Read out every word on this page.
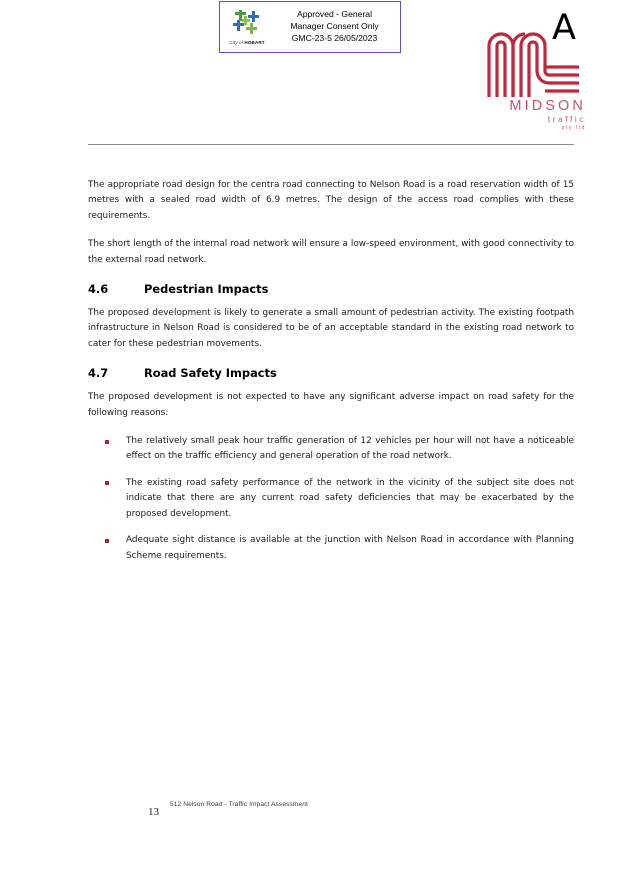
City of HOBART
Approved - General
Manager Consent Only
GMC-23-5 26/05/2023	A
MIDSON
traffic
pty ltd

The appropriate road design for the centra road connecting to Nelson Road is a road reservation width of 15 metres with a sealed road width of 6.9 metres. The design of the access road complies with these requirements.

The short length of the internal road network will ensure a low-speed environment, with good connectivity to the external road network.

4.6	Pedestrian Impacts

The proposed development is likely to generate a small amount of pedestrian activity. The existing footpath infrastructure in Nelson Road is considered to be of an acceptable standard in the existing road network to cater for these pedestrian movements.

4.7	Road Safety Impacts

The proposed development is not expected to have any significant adverse impact on road safety for the following reasons:

The relatively small peak hour traffic generation of 12 vehicles per hour will not have a noticeable effect on the traffic efficiency and general operation of the road network.
The existing road safety performance of the network in the vicinity of the subject site does not indicate that there are any current road safety deficiencies that may be exacerbated by the proposed development.
Adequate sight distance is available at the junction with Nelson Road in accordance with Planning Scheme requirements.
13
512 Nelson Road - Traffic Impact Assessment
